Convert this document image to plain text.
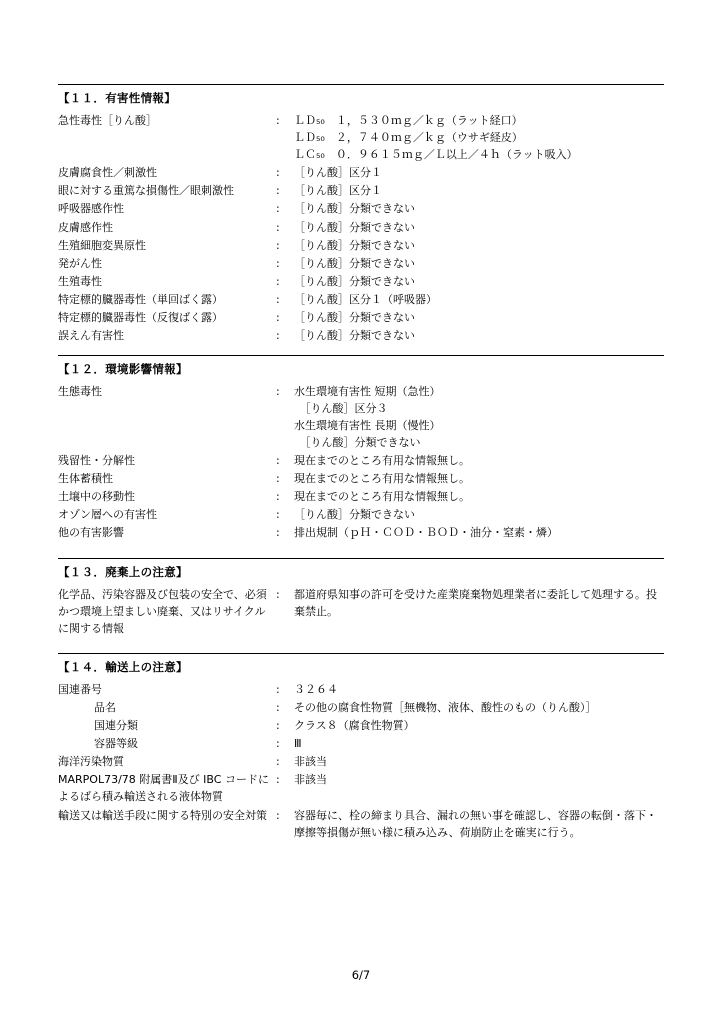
【１１．有害性情報】
急性毒性［りん酸］	:	ＬＤ₅₀　１，５３０ｍｇ／ｋｇ（ラット経口）
ＬＤ₅₀　２，７４０ｍｇ／ｋｇ（ウサギ経皮）
ＬＣ₅₀　０．９６１５ｍｇ／Ｌ以上／４ｈ（ラット吸入）

皮膚腐食性／刺激性	:	［りん酸］区分１
眼に対する重篤な損傷性／眼刺激性	:	［りん酸］区分１
呼吸器感作性	:	［りん酸］分類できない
皮膚感作性	:	［りん酸］分類できない
生殖細胞変異原性	:	［りん酸］分類できない
発がん性	:	［りん酸］分類できない
生殖毒性	:	［りん酸］分類できない
特定標的臓器毒性（単回ばく露）	:	［りん酸］区分１（呼吸器）
特定標的臓器毒性（反復ばく露）	:	［りん酸］分類できない
誤えん有害性	:	［りん酸］分類できない
【１２．環境影響情報】
生態毒性	:	水生環境有害性 短期（急性）
　［りん酸］区分３
水生環境有害性 長期（慢性）
　［りん酸］分類できない

残留性・分解性	:	現在までのところ有用な情報無し。
生体蓄積性	:	現在までのところ有用な情報無し。
土壌中の移動性	:	現在までのところ有用な情報無し。
オゾン層への有害性	:	［りん酸］分類できない
他の有害影響	:	排出規制（ｐＨ・ＣＯＤ・ＢＯＤ・油分・窒素・燐）
【１３．廃棄上の注意】
化学品、汚染容器及び包装の安全で、必須かつ環境上望ましい廃棄、又はリサイクルに関する情報	:	都道府県知事の許可を受けた産業廃棄物処理業者に委託して処理する。投棄禁止。
【１４．輸送上の注意】
国連番号	:	３２６４
品名	:	その他の腐食性物質［無機物、液体、酸性のもの（りん酸）］
国連分類	:	クラス８（腐食性物質）
容器等級	:	Ⅲ
海洋汚染物質	:	非該当
MARPOL73/78 附属書Ⅱ及び IBC コードによるばら積み輸送される液体物質	:	非該当
輸送又は輸送手段に関する特別の安全対策	:	容器毎に、栓の締まり具合、漏れの無い事を確認し、容器の転倒・落下・摩擦等損傷が無い様に積み込み、荷崩防止を確実に行う。
6/7
